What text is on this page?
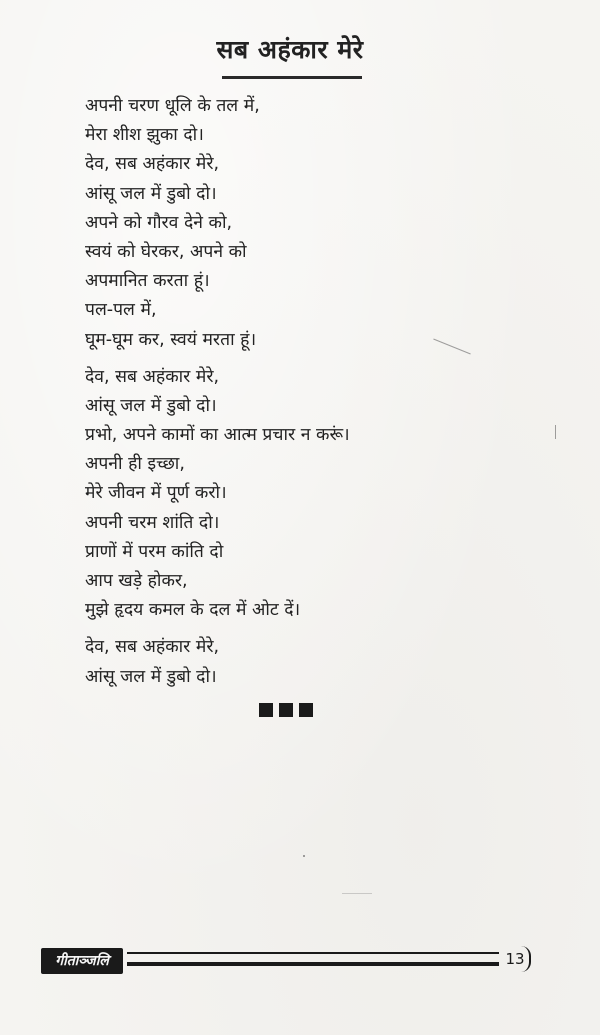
सब अहंकार मेरे
अपनी चरण धूलि के तल में,
मेरा शीश झुका दो।
देव, सब अहंकार मेरे,
आंसू जल में डुबो दो।
अपने को गौरव देने को,
स्वयं को घेरकर, अपने को
अपमानित करता हूं।
पल-पल में,
घूम-घूम कर, स्वयं मरता हूं।
देव, सब अहंकार मेरे,
आंसू जल में डुबो दो।
प्रभो, अपने कामों का आत्म प्रचार न करूं।
अपनी ही इच्छा,
मेरे जीवन में पूर्ण करो।
अपनी चरम शांति दो।
प्राणों में परम कांति दो
आप खड़े होकर,
मुझे हृदय कमल के दल में ओट दें।
देव, सब अहंकार मेरे,
आंसू जल में डुबो दो।
गीताञ्जलि	13
